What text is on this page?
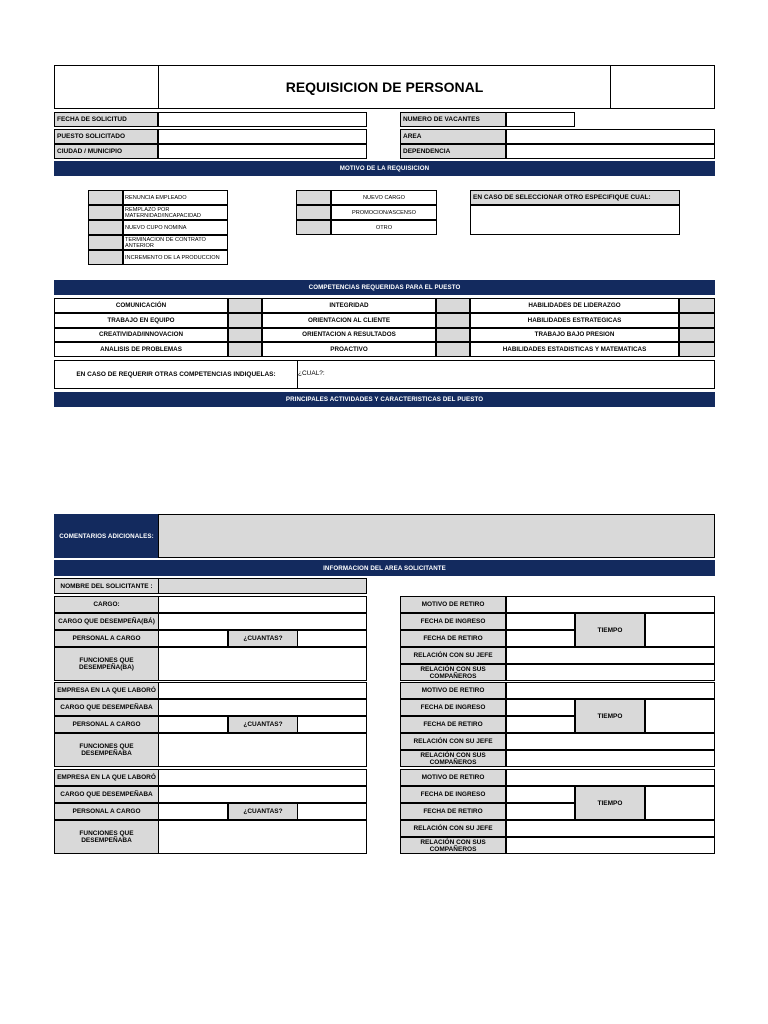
REQUISICION DE PERSONAL
FECHA DE SOLICITUD	NUMERO DE VACANTES
PUESTO SOLICITADO	AREA
CIUDAD / MUNICIPIO	DEPENDENCIA
MOTIVO DE LA REQUISICION
RENUNCIA EMPLEADO
REMPLAZO POR MATERNIDAD/INCAPACIDAD
NUEVO CUPO NOMINA
TERMINACION DE CONTRATO ANTERIOR
INCREMENTO DE LA PRODUCCION
NUEVO CARGO
PROMOCION/ASCENSO
OTRO
EN CASO DE SELECCIONAR OTRO ESPECIFIQUE CUAL:
COMPETENCIAS REQUERIDAS PARA EL PUESTO
COMUNICACIÓN	INTEGRIDAD	HABILIDADES DE LIDERAZGO
TRABAJO EN EQUIPO	ORIENTACION AL CLIENTE	HABILIDADES ESTRATEGICAS
CREATIVIDAD/INNOVACION	ORIENTACION A RESULTADOS	TRABAJO BAJO PRESION
ANALISIS DE PROBLEMAS	PROACTIVO	HABILIDADES ESTADISTICAS Y MATEMATICAS
EN CASO DE REQUERIR OTRAS COMPETENCIAS INDIQUELAS:	¿CUAL?:
PRINCIPALES ACTIVIDADES Y CARACTERISTICAS DEL PUESTO
COMENTARIOS ADICIONALES:
INFORMACION DEL AREA SOLICITANTE
NOMBRE DEL SOLICITANTE :
CARGO:
CARGO QUE DESEMPEÑA(BÁ)
PERSONAL A CARGO	¿CUANTAS?
FUNCIONES QUE DESEMPEÑA(BA)
MOTIVO DE RETIRO
FECHA DE INGRESO
FECHA DE RETIRO
TIEMPO
RELACIÓN CON SU JEFE
RELACIÓN CON SUS COMPAÑEROS
EMPRESA EN LA QUE LABORÓ
CARGO QUE DESEMPEÑABA
PERSONAL A CARGO	¿CUANTAS?
FUNCIONES QUE DESEMPEÑABA
MOTIVO DE RETIRO
FECHA DE INGRESO
FECHA DE RETIRO
TIEMPO
RELACIÓN CON SU JEFE
RELACIÓN CON SUS COMPAÑEROS
EMPRESA EN LA QUE LABORÓ
CARGO QUE DESEMPEÑABA
PERSONAL A CARGO	¿CUANTAS?
FUNCIONES QUE DESEMPEÑABA
MOTIVO DE RETIRO
FECHA DE INGRESO
FECHA DE RETIRO
TIEMPO
RELACIÓN CON SU JEFE
RELACIÓN CON SUS COMPAÑEROS
